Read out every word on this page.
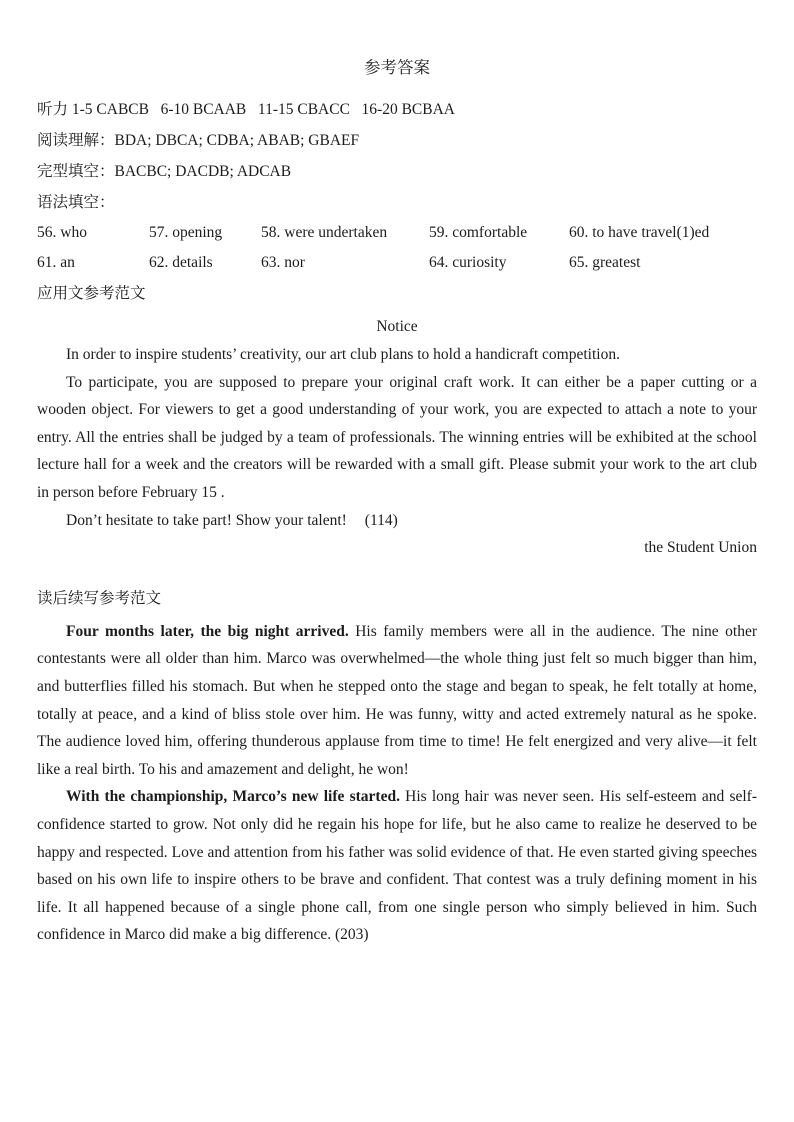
参考答案

听力 1-5 CABCB   6-10 BCAAB   11-15 CBACC   16-20 BCBAA

阅读理解：BDA; DBCA; CDBA; ABAB; GBAEF

完型填空：BACBC; DACDB; ADCAB

语法填空：

56. who	57. opening	58. were undertaken	59. comfortable	60. to have travel(1)ed
61. an	62. details	63. nor	64. curiosity	65. greatest

应用文参考范文

Notice

In order to inspire students’ creativity, our art club plans to hold a handicraft competition.

To participate, you are supposed to prepare your original craft work. It can either be a paper cutting or a wooden object. For viewers to get a good understanding of your work, you are expected to attach a note to your entry. All the entries shall be judged by a team of professionals. The winning entries will be exhibited at the school lecture hall for a week and the creators will be rewarded with a small gift. Please submit your work to the art club in person before February 15 .

Don’t hesitate to take part! Show your talent! (114)

the Student Union

读后续写参考范文

Four months later, the big night arrived. His family members were all in the audience. The nine other contestants were all older than him. Marco was overwhelmed—the whole thing just felt so much bigger than him, and butterflies filled his stomach. But when he stepped onto the stage and began to speak, he felt totally at home, totally at peace, and a kind of bliss stole over him. He was funny, witty and acted extremely natural as he spoke. The audience loved him, offering thunderous applause from time to time! He felt energized and very alive—it felt like a real birth. To his and amazement and delight, he won!

With the championship, Marco’s new life started. His long hair was never seen. His self-esteem and self-confidence started to grow. Not only did he regain his hope for life, but he also came to realize he deserved to be happy and respected. Love and attention from his father was solid evidence of that. He even started giving speeches based on his own life to inspire others to be brave and confident. That contest was a truly defining moment in his life. It all happened because of a single phone call, from one single person who simply believed in him. Such confidence in Marco did make a big difference. (203)
